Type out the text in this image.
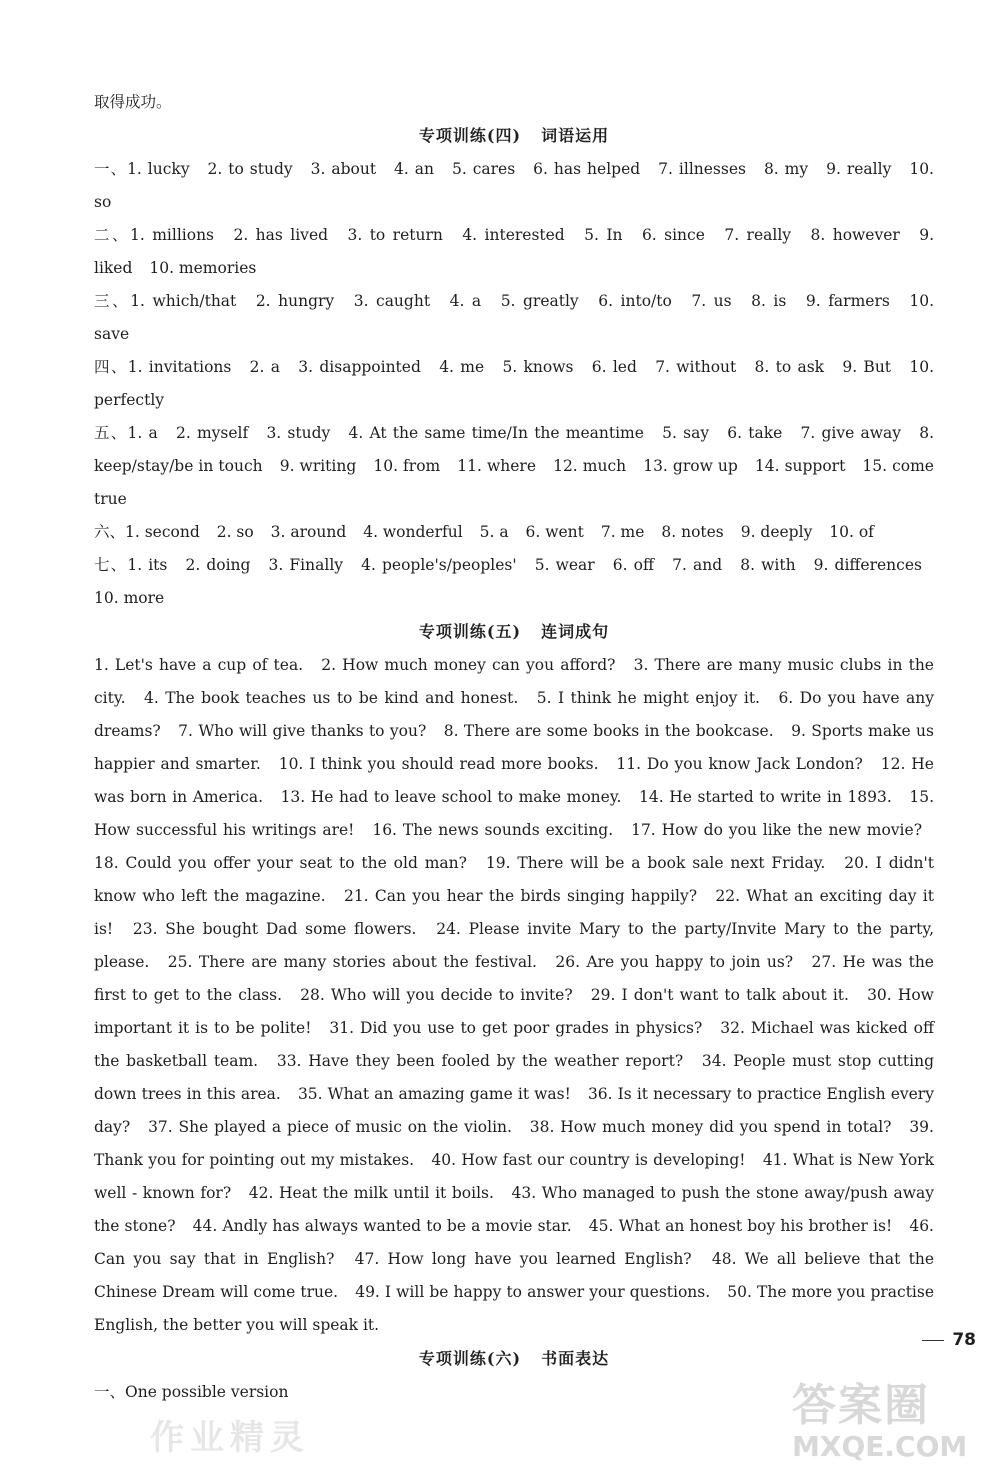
取得成功。

专项训练(四) 词语运用

一、1. lucky 2. to study 3. about 4. an 5. cares 6. has helped 7. illnesses 8. my 9. really 10. so

二、1. millions 2. has lived 3. to return 4. interested 5. In 6. since 7. really 8. however 9. liked 10. memories

三、1. which/that 2. hungry 3. caught 4. a 5. greatly 6. into/to 7. us 8. is 9. farmers 10. save

四、1. invitations 2. a 3. disappointed 4. me 5. knows 6. led 7. without 8. to ask 9. But 10. perfectly

五、1. a 2. myself 3. study 4. At the same time/In the meantime 5. say 6. take 7. give away 8. keep/stay/be in touch 9. writing 10. from 11. where 12. much 13. grow up 14. support 15. come true

六、1. second 2. so 3. around 4. wonderful 5. a 6. went 7. me 8. notes 9. deeply 10. of

七、1. its 2. doing 3. Finally 4. people's/peoples' 5. wear 6. off 7. and 8. with 9. differences 10. more

专项训练(五) 连词成句

1. Let's have a cup of tea. 2. How much money can you afford? 3. There are many music clubs in the city. 4. The book teaches us to be kind and honest. 5. I think he might enjoy it. 6. Do you have any dreams? 7. Who will give thanks to you? 8. There are some books in the bookcase. 9. Sports make us happier and smarter. 10. I think you should read more books. 11. Do you know Jack London? 12. He was born in America. 13. He had to leave school to make money. 14. He started to write in 1893. 15. How successful his writings are! 16. The news sounds exciting. 17. How do you like the new movie? 18. Could you offer your seat to the old man? 19. There will be a book sale next Friday. 20. I didn't know who left the magazine. 21. Can you hear the birds singing happily? 22. What an exciting day it is! 23. She bought Dad some flowers. 24. Please invite Mary to the party/Invite Mary to the party, please. 25. There are many stories about the festival. 26. Are you happy to join us? 27. He was the first to get to the class. 28. Who will you decide to invite? 29. I don't want to talk about it. 30. How important it is to be polite! 31. Did you use to get poor grades in physics? 32. Michael was kicked off the basketball team. 33. Have they been fooled by the weather report? 34. People must stop cutting down trees in this area. 35. What an amazing game it was! 36. Is it necessary to practice English every day? 37. She played a piece of music on the violin. 38. How much money did you spend in total? 39. Thank you for pointing out my mistakes. 40. How fast our country is developing! 41. What is New York well - known for? 42. Heat the milk until it boils. 43. Who managed to push the stone away/push away the stone? 44. Andly has always wanted to be a movie star. 45. What an honest boy his brother is! 46. Can you say that in English? 47. How long have you learned English? 48. We all believe that the Chinese Dream will come true. 49. I will be happy to answer your questions. 50. The more you practise English, the better you will speak it.

专项训练(六) 书面表达

一、One possible version

78
答案圈
MXQE.COM
作业精灵
